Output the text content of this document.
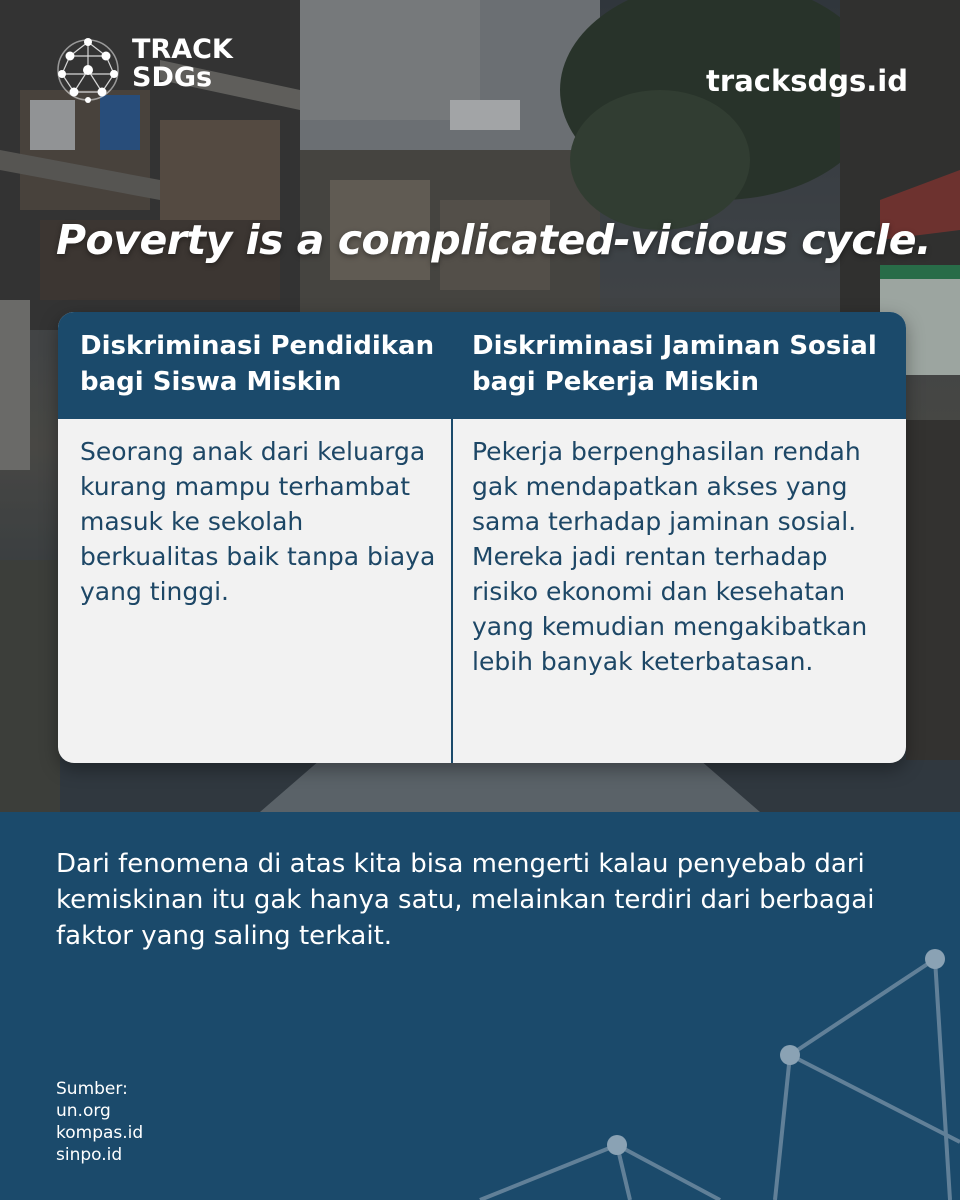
TRACK
SDGs	tracksdgs.id
Poverty is a complicated-vicious cycle.
Diskriminasi Pendidikan bagi Siswa Miskin
Diskriminasi Jaminan Sosial bagi Pekerja Miskin
Seorang anak dari keluarga kurang mampu terhambat masuk ke sekolah berkualitas baik tanpa biaya yang tinggi.
Pekerja berpenghasilan rendah gak mendapatkan akses yang sama terhadap jaminan sosial. Mereka jadi rentan terhadap risiko ekonomi dan kesehatan yang kemudian mengakibatkan lebih banyak keterbatasan.
Dari fenomena di atas kita bisa mengerti kalau penyebab dari kemiskinan itu gak hanya satu, melainkan terdiri dari berbagai faktor yang saling terkait.
Sumber:
un.org
kompas.id
sinpo.id
